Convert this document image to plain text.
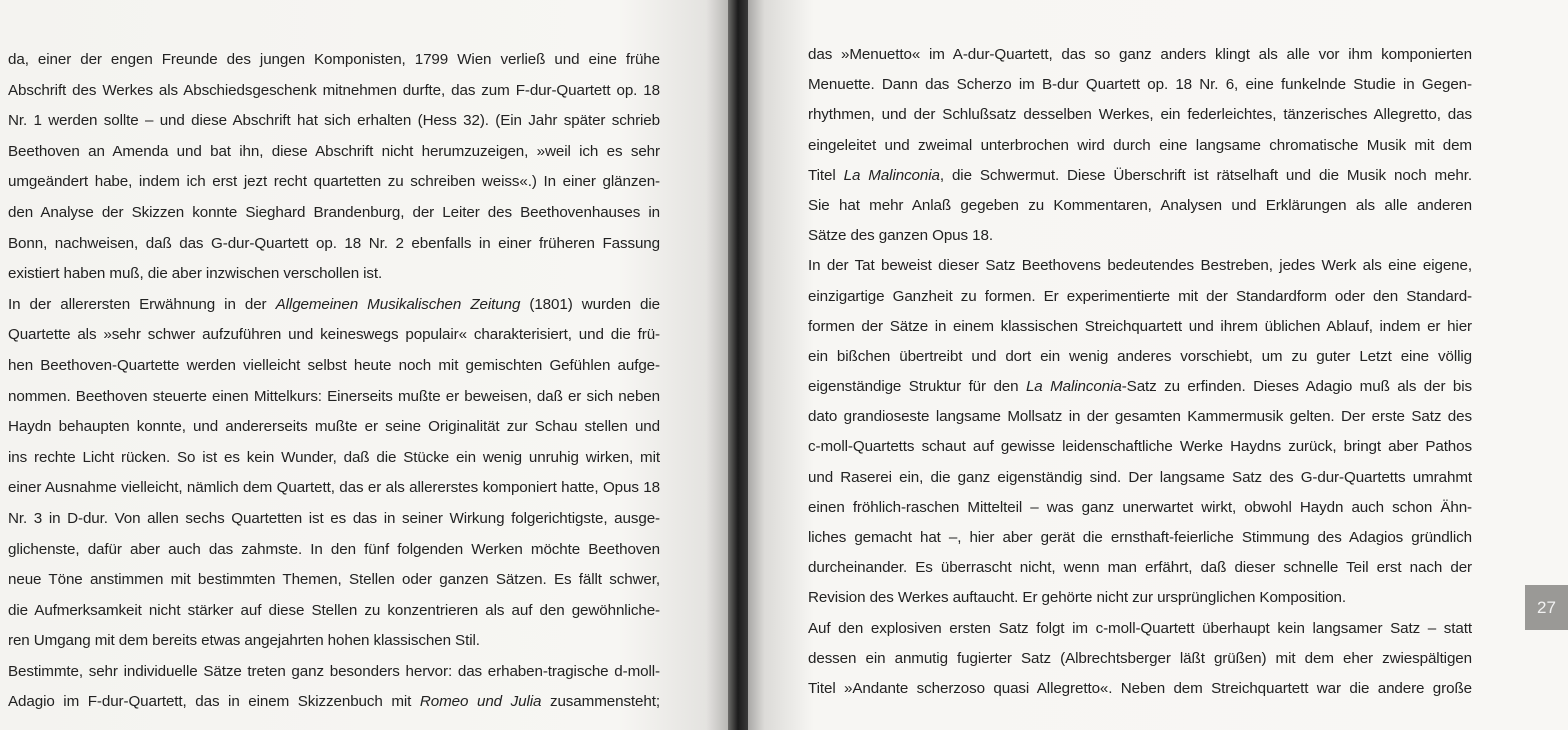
da, einer der engen Freunde des jungen Komponisten, 1799 Wien verließ und eine frühe
Abschrift des Werkes als Abschiedsgeschenk mitnehmen durfte, das zum F-dur-Quartett op. 18
Nr. 1 werden sollte – und diese Abschrift hat sich erhalten (Hess 32). (Ein Jahr später schrieb
Beethoven an Amenda und bat ihn, diese Abschrift nicht herumzuzeigen, »weil ich es sehr
umgeändert habe, indem ich erst jezt recht quartetten zu schreiben weiss«.) In einer glänzen-
den Analyse der Skizzen konnte Sieghard Brandenburg, der Leiter des Beethovenhauses in
Bonn, nachweisen, daß das G-dur-Quartett op. 18 Nr. 2 ebenfalls in einer früheren Fassung
existiert haben muß, die aber inzwischen verschollen ist.
In der allerersten Erwähnung in der Allgemeinen Musikalischen Zeitung (1801) wurden die
Quartette als »sehr schwer aufzuführen und keineswegs populair« charakterisiert, und die frü-
hen Beethoven-Quartette werden vielleicht selbst heute noch mit gemischten Gefühlen aufge-
nommen. Beethoven steuerte einen Mittelkurs: Einerseits mußte er beweisen, daß er sich neben
Haydn behaupten konnte, und andererseits mußte er seine Originalität zur Schau stellen und
ins rechte Licht rücken. So ist es kein Wunder, daß die Stücke ein wenig unruhig wirken, mit
einer Ausnahme vielleicht, nämlich dem Quartett, das er als allererstes komponiert hatte, Opus 18
Nr. 3 in D-dur. Von allen sechs Quartetten ist es das in seiner Wirkung folgerichtigste, ausge-
glichenste, dafür aber auch das zahmste. In den fünf folgenden Werken möchte Beethoven
neue Töne anstimmen mit bestimmten Themen, Stellen oder ganzen Sätzen. Es fällt schwer,
die Aufmerksamkeit nicht stärker auf diese Stellen zu konzentrieren als auf den gewöhnliche-
ren Umgang mit dem bereits etwas angejahrten hohen klassischen Stil.
Bestimmte, sehr individuelle Sätze treten ganz besonders hervor: das erhaben-tragische d-moll-
Adagio im F-dur-Quartett, das in einem Skizzenbuch mit Romeo und Julia zusammensteht;
das »Menuetto« im A-dur-Quartett, das so ganz anders klingt als alle vor ihm komponierten
Menuette. Dann das Scherzo im B-dur Quartett op. 18 Nr. 6, eine funkelnde Studie in Gegen-
rhythmen, und der Schlußsatz desselben Werkes, ein federleichtes, tänzerisches Allegretto, das
eingeleitet und zweimal unterbrochen wird durch eine langsame chromatische Musik mit dem
Titel La Malinconia, die Schwermut. Diese Überschrift ist rätselhaft und die Musik noch mehr.
Sie hat mehr Anlaß gegeben zu Kommentaren, Analysen und Erklärungen als alle anderen
Sätze des ganzen Opus 18.
In der Tat beweist dieser Satz Beethovens bedeutendes Bestreben, jedes Werk als eine eigene,
einzigartige Ganzheit zu formen. Er experimentierte mit der Standardform oder den Standard-
formen der Sätze in einem klassischen Streichquartett und ihrem üblichen Ablauf, indem er hier
ein bißchen übertreibt und dort ein wenig anderes vorschiebt, um zu guter Letzt eine völlig
eigenständige Struktur für den La Malinconia-Satz zu erfinden. Dieses Adagio muß als der bis
dato grandioseste langsame Mollsatz in der gesamten Kammermusik gelten. Der erste Satz des
c-moll-Quartetts schaut auf gewisse leidenschaftliche Werke Haydns zurück, bringt aber Pathos
und Raserei ein, die ganz eigenständig sind. Der langsame Satz des G-dur-Quartetts umrahmt
einen fröhlich-raschen Mittelteil – was ganz unerwartet wirkt, obwohl Haydn auch schon Ähn-
liches gemacht hat –, hier aber gerät die ernsthaft-feierliche Stimmung des Adagios gründlich
durcheinander. Es überrascht nicht, wenn man erfährt, daß dieser schnelle Teil erst nach der
Revision des Werkes auftaucht. Er gehörte nicht zur ursprünglichen Komposition.
Auf den explosiven ersten Satz folgt im c-moll-Quartett überhaupt kein langsamer Satz – statt
dessen ein anmutig fugierter Satz (Albrechtsberger läßt grüßen) mit dem eher zwiespältigen
Titel »Andante scherzoso quasi Allegretto«. Neben dem Streichquartett war die andere große
27
